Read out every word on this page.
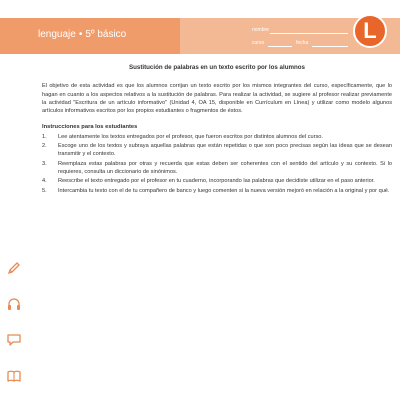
lenguaje • 5º básico	nombre
curso	fecha	L
Sustitución de palabras en un texto escrito por los alumnos

El objetivo de esta actividad es que los alumnos corrijan un texto escrito por los mismos integrantes del curso, específicamente, que lo hagan en cuanto a los aspectos relativos a la sustitución de palabras. Para realizar la actividad, se sugiere al profesor realizar previamente la actividad "Escritura de un artículo informativo" (Unidad 4, OA 15, disponible en Currículum en Línea) y utilizar como modelo algunos artículos informativos escritos por los propios estudiantes o fragmentos de éstos.

Instrucciones para los estudiantes
1. Lee atentamente los textos entregados por el profesor, que fueron escritos por distintos alumnos del curso.
2. Escoge uno de los textos y subraya aquellas palabras que están repetidas o que son poco precisas según las ideas que se desean transmitir y el contexto.
3. Reemplaza estas palabras por otras y recuerda que estas deben ser coherentes con el sentido del artículo y su contexto. Si lo requieres, consulta un diccionario de sinónimos.
4. Reescribe el texto entregado por el profesor en tu cuaderno, incorporando las palabras que decidiste utilizar en el paso anterior.
5. Intercambia tu texto con el de tu compañero de banco y luego comenten si la nueva versión mejoró en relación a la original y por qué.
